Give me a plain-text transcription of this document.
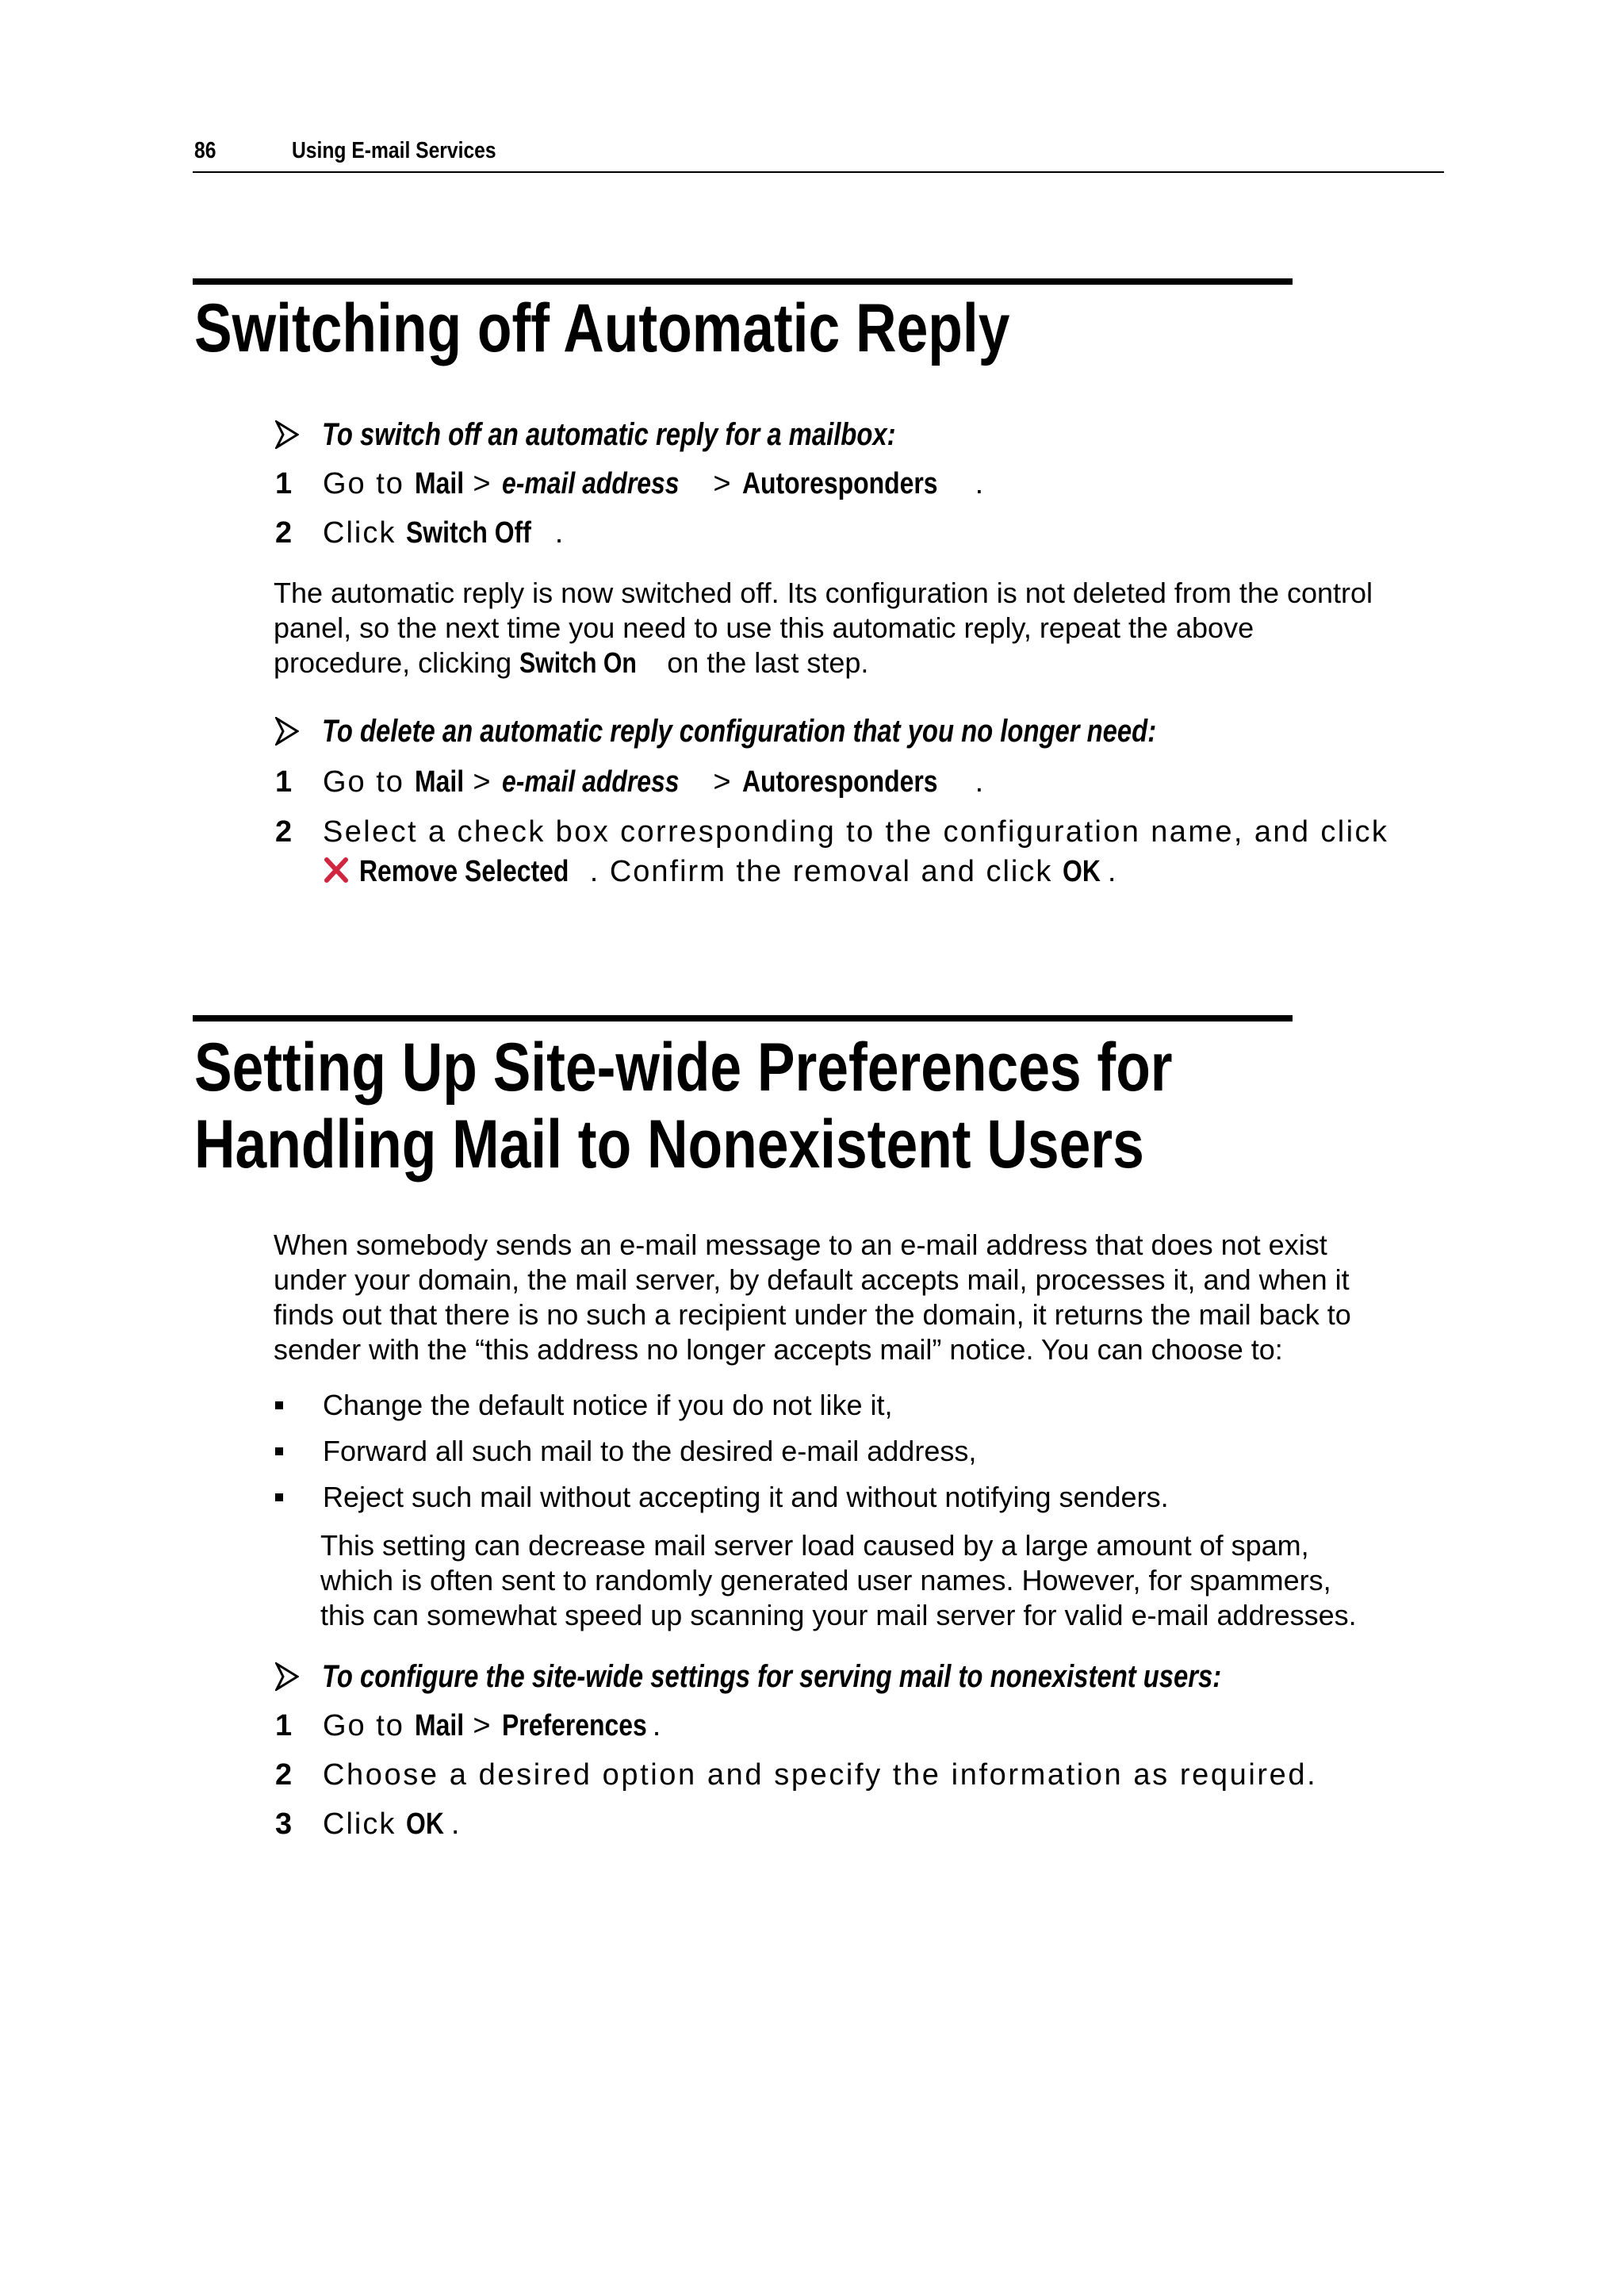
86	Using E-mail Services
Switching off Automatic Reply
To switch off an automatic reply for a mailbox:
1 Go to Mail > e-mail address > Autoresponders .
2 Click Switch Off .
The automatic reply is now switched off. Its configuration is not deleted from the control
panel, so the next time you need to use this automatic reply, repeat the above
procedure, clicking Switch On on the last step.
To delete an automatic reply configuration that you no longer need:
1 Go to Mail > e-mail address > Autoresponders .
2 Select a check box corresponding to the configuration name, and click
Remove Selected . Confirm the removal and click OK .
Setting Up Site-wide Preferences for
Handling Mail to Nonexistent Users
When somebody sends an e-mail message to an e-mail address that does not exist
under your domain, the mail server, by default accepts mail, processes it, and when it
finds out that there is no such a recipient under the domain, it returns the mail back to
sender with the “this address no longer accepts mail” notice. You can choose to:
Change the default notice if you do not like it,
Forward all such mail to the desired e-mail address,
Reject such mail without accepting it and without notifying senders.
This setting can decrease mail server load caused by a large amount of spam,
which is often sent to randomly generated user names. However, for spammers,
this can somewhat speed up scanning your mail server for valid e-mail addresses.
To configure the site-wide settings for serving mail to nonexistent users:
1 Go to Mail > Preferences .
2 Choose a desired option and specify the information as required.
3 Click OK .
